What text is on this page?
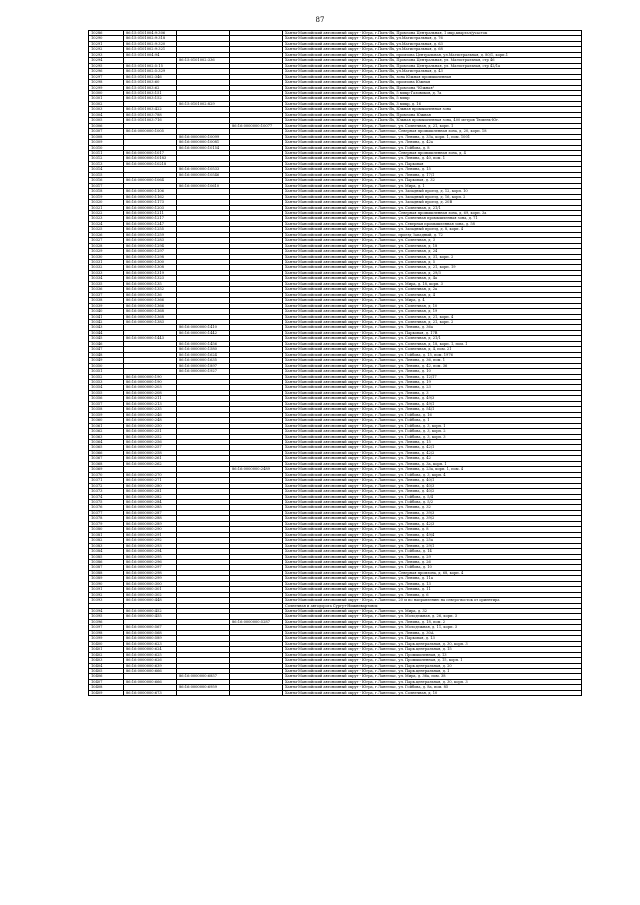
87
10286	86:15:0101004:9:306			Ханты-Мансийский автономный округ - Югра, г.Пыть-Ях, Промзона Центральная, 1 мкр,квартал/участок
10290	86:15:0101002:9:318			Ханты-Мансийский автономный округ - Югра, г.Пыть-Ях, ул.Магистральная, д. 76
10291	86:15:0101002:9:320			Ханты-Мансийский автономный округ - Югра, г.Пыть-Ях, ул.Магистральная, д. 63
10292	86:15:0101002:9:321			Ханты-Мансийский автономный округ - Югра, г.Пыть-Ях, ул.Магистральная, д. 68
10293	86:15:0101004:94			Ханты-Мансийский автономный округ - Югра, г.Пыть-Ях, промзона Центральная, ул.Магистральная, д. 80/1, корп.1
10294		86:15:0101002:336		Ханты-Мансийский автономный округ - Югра, г.Пыть-Ях, Промзона Центральная, ул. Магистральная, стр 46
10295	86:15:0101002:5:15			Ханты-Мансийский автономный округ - Югра, г.Пыть-Ях, Промзона Центральная, ул. Магистральная, стр 42/1а
10296	86:15:0101002:5:329			Ханты-Мансийский автономный округ - Югра, г.Пыть-Ях, ул.Магистральная, д. 43
10297	86:15:0101002:346			Ханты-Мансийский автономный округ - Югра, г.Пыть-Ях, зона Южная промышленная
10298	86:15:0101003:60			Ханты-Мансийский автономный округ - Югра, г.Пыть-Ях, промзона Южная
10299	86:15:0101003:62			Ханты-Мансийский автономный округ - Югра, г.Пыть-Ях, Промзона "Южная"
10300	86:15:0101003:151			Ханты-Мансийский автономный округ - Югра, г.Пыть-Ях, 5 микр-Газовиков, д. 7а
10301	86:15:0101003:152			Ханты-Мансийский автономный округ - Югра, г.Пыть-Ях, 5 микр
10302		86:15:0101002:829		Ханты-Мансийский автономный округ - Югра, г.Пыть-Ях, 3 микр, д. 16
10303	86:15:0101003:422			Ханты-Мансийский автономный округ - Югра, г.Пыть-Ях, Южная промышленная зона
10304	86:15:0101003:788			Ханты-Мансийский автономный округ - Югра, г.Пыть-Ях, Промзона Южная
10305	86:15:0101003:716			Ханты-Мансийский автономный округ - Югра, г.Пыть-Ях, Южная промышленная зона, 400 метров Тюмень-Юг.
10306			86:16:0000000:10077	Ханты-Мансийский автономный округ - Югра, г.Лангепас, ул. Солнечная, д. 21, корп. 1
10307	86:16:0000000:1005			Ханты-Мансийский автономный округ - Югра, г.Лангепас, Северная промышленная зона, д. 20, корп. 18
10308		86:16:0000000:10099		Ханты-Мансийский автономный округ - Югра, г.Лангепас, ул. Ленина, д. 33а, корп. 1, пом. 1001
10309		86:16:0000000:10081		Ханты-Мансийский автономный округ - Югра, г.Лангепас, ул. Ленина, д. 42а
10310		86:16:0000000:10154		Ханты-Мансийский автономный округ - Югра, г.Лангепас, ул. Гойбова, д. 8
10311	86:16:0000000:1017			Ханты-Мансийский автономный округ - Югра, г.Лангепас, Северная промышленная зона, д. 4
10312	86:16:0000000:10183			Ханты-Мансийский автономный округ - Югра, г.Лангепас, ул. Ленина, д. 40, пом. 1
10313	86:16:0000000:10218			Ханты-Мансийский автономный округ - Югра, г.Лангепас, ул. Парковая
10314		86:16:0000000:10533		Ханты-Мансийский автономный округ - Югра, г.Лангепас, ул. Ленина, д. 15
10315		86:16:0000000:10546		Ханты-Мансийский автономный округ - Югра, г.Лангепас, ул. Ленина, д. 17/1
10316	86:16:0000000:1064			Ханты-Мансийский автономный округ - Югра, г.Лангепас, ул. Парковая, д. 32
10317		86:16:0000000:10610		Ханты-Мансийский автономный округ - Югра, г.Лангепас, ул. Мира, д. 1
10318	86:16:0000000:1106			Ханты-Мансийский автономный округ - Югра, г.Лангепас, ул. Западный проезд, д. 12, корп. 10
10319	86:16:0000000:1162			Ханты-Мансийский автономный округ - Югра, г.Лангепас, ул. Западный проезд, д. 16, корп. 2
10320	86:16:0000000:1173			Ханты-Мансийский автономный округ - Югра, г.Лангепас, ул. Западный проезд, д. 20В
10321	86:16:0000000:1203			Ханты-Мансийский автономный округ - Югра, г.Лангепас, ул. Солнечная, д. 21/1
10322	86:16:0000000:1211			Ханты-Мансийский автономный округ - Югра, г.Лангепас, Северная промышленная зона, д. 69, корп. 3а
10323	86:16:0000000:1217			Ханты-Мансийский автономный округ - Югра, г.Лангепас, ул. Солнечная промышленная зона, д. 71
10324	86:16:0000000:1247			Ханты-Мансийский автономный округ - Югра, г.Лангепас, ул. Северная промышленная зона, д. 58
10325	86:16:0000000:1255			Ханты-Мансийский автономный округ - Югра, г.Лангепас, ул. Западный проезд, д. 8, корп. 4
10326	86:16:0000000:1259			Ханты-Мансийский автономный округ - Югра, г.Лангепас, проезд Западный, д. 72
10327	86:16:0000000:1283			Ханты-Мансийский автономный округ - Югра, г.Лангепас, ул. Солнечная, д. 3
10328	86:16:0000000:1294			Ханты-Мансийский автономный округ - Югра, г.Лангепас, ул. Солнечная, д. 18
10329	86:16:0000000:1297			Ханты-Мансийский автономный округ - Югра, г.Лангепас, ул. Солнечная, д. 24
10330	86:16:0000000:1298			Ханты-Мансийский автономный округ - Югра, г.Лангепас, ул. Солнечная, д. 31, корп. 2
10331	86:16:0000000:1300			Ханты-Мансийский автономный округ - Югра, г.Лангепас, ул. Солнечная, д. 5
10332	86:16:0000000:1308			Ханты-Мансийский автономный округ - Югра, г.Лангепас, ул. Солнечная, д. 21, корп. 19
10333	86:16:0000000:1319			Ханты-Мансийский автономный округ - Югра, г.Лангепас, ул. Солнечная, д. 29/3
10334	86:16:0000000:1323			Ханты-Мансийский автономный округ - Югра, г.Лангепас, ул. Солнечная, д. 4а
10335	86:16:0000000:135			Ханты-Мансийский автономный округ - Югра, г.Лангепас, ул. Мира, д. 18, корп. 3
10336	86:16:0000000:1352			Ханты-Мансийский автономный округ - Югра, г.Лангепас, ул. Солнечная, д. 2а
10337	86:16:0000000:136			Ханты-Мансийский автономный округ - Югра, г.Лангепас, ул. Солнечная, д. 4
10338	86:16:0000000:1366			Ханты-Мансийский автономный округ - Югра, г.Лангепас, ул. Мира, д. 4
10339	86:16:0000000:1366			Ханты-Мансийский автономный округ - Югра, г.Лангепас, ул. Солнечная, д. 10
10340	86:16:0000000:1368			Ханты-Мансийский автономный округ - Югра, г.Лангепас, ул. Солнечная, д. 19
10341	86:16:0000000:1368			Ханты-Мансийский автономный округ - Югра, г.Лангепас, ул. Солнечная, д. 21, корп. 4
10342	86:16:0000000:1383			Ханты-Мансийский автономный округ - Югра, г.Лангепас, ул. Солнечная, д. 21, корп. 2
10343		86:16:0000000:1410		Ханты-Мансийский автономный округ - Югра, г.Лангепас, ул. Ленина, д. 36а
10344		86:16:0000000:1442		Ханты-Мансийский автономный округ - Югра, г.Лангепас, ул. Парковая, д. 17В
10345	86:16:0000000:1443			Ханты-Мансийский автономный округ - Югра, г.Лангепас, ул. Солнечная, д. 21/1
10346		86:16:0000000:1456		Ханты-Мансийский автономный округ - Югра, г.Лангепас, ул. Солнечная, д. 18, корп. 1, пом. 1
10347		86:16:0000000:1580		Ханты-Мансийский автономный округ - Югра, г.Лангепас, ул. Солнечная, д. 4, пом. 21
10348		86:16:0000000:1624		Ханты-Мансийский автономный округ - Югра, г.Лангепас, ул. Гойбова, д. 15, пом. 1976
10349		86:16:0000000:1635		Ханты-Мансийский автономный округ - Югра, г.Лангепас, ул. Ленина, д. 36, пом. 1
10350		86:16:0000000:1897		Ханты-Мансийский автономный округ - Югра, г.Лангепас, ул. Ленина, д. 42, пом. 36
10351		86:16:0000000:1927		Ханты-Мансийский автономный округ - Югра, г.Лангепас, ул. Ленина, д. 10
10352	86:16:0000000:190			Ханты-Мансийский автономный округ - Югра, г.Лангепас, ул. Ленина, д. 12/17
10353	86:16:0000000:190			Ханты-Мансийский автономный округ - Югра, г.Лангепас, ул. Ленина, д. 19
10354	86:16:0000000:203			Ханты-Мансийский автономный округ - Югра, г.Лангепас, ул. Ленина, д. 23
10355	86:16:0000000:208			Ханты-Мансийский автономный округ - Югра, г.Лангепас, ул. Ленина, д. 3
10356	86:16:0000000:211			Ханты-Мансийский автономный округ - Югра, г.Лангепас, ул. Ленина, д. 49/3
10357	86:16:0000000:213			Ханты-Мансийский автономный округ - Югра, г.Лангепас, ул. Ленина, д. 49/1
10358	86:16:0000000:235			Ханты-Мансийский автономный округ - Югра, г.Лангепас, ул. Ленина, д. 54/1
10359	86:16:0000000:246			Ханты-Мансийский автономный округ - Югра, г.Лангепас, ул. Гойбова, д. 16
10360	86:16:0000000:248			Ханты-Мансийский автономный округ - Югра, г.Лангепас, ул. Гойбова, д. 1
10361	86:16:0000000:250			Ханты-Мансийский автономный округ - Югра, г.Лангепас, ул. Гойбова, д. 3, корп. 1
10362	86:16:0000000:251			Ханты-Мансийский автономный округ - Югра, г.Лангепас, ул. Гойбова, д. 3, корп. 2
10363	86:16:0000000:252			Ханты-Мансийский автономный округ - Югра, г.Лангепас, ул. Гойбова, д. 3, корп. 3
10364	86:16:0000000:256			Ханты-Мансийский автономный округ - Югра, г.Лангепас, ул. Ленина, д. 15
10365	86:16:0000000:257			Ханты-Мансийский автономный округ - Югра, г.Лангепас, ул. Ленина, д. 42/1
10366	86:16:0000000:258			Ханты-Мансийский автономный округ - Югра, г.Лангепас, ул. Ленина, д. 42/2
10367	86:16:0000000:261			Ханты-Мансийский автономный округ - Югра, г.Лангепас, ул. Ленина, д. 42
10368	86:16:0000000:262			Ханты-Мансийский автономный округ - Югра, г.Лангепас, ул. Ленина, д. 3а, корп. 1
10369			86:16:0000000:2489	Ханты-Мансийский автономный округ - Югра, г.Лангепас, ул. Ленина, д. 23а, корп. 1, пом. 4
10370	86:16:0000000:270			Ханты-Мансийский автономный округ - Югра, г.Лангепас, ул. Гойбова, д. 3, корп. 4
10371	86:16:0000000:271			Ханты-Мансийский автономный округ - Югра, г.Лангепас, ул. Ленина, д. 40/1
10372	86:16:0000000:280			Ханты-Мансийский автономный округ - Югра, г.Лангепас, ул. Ленина, д. 40/3
10373	86:16:0000000:281			Ханты-Мансийский автономный округ - Югра, г.Лангепас, ул. Ленина, д. 40/2
10374	86:16:0000000:282			Ханты-Мансийский автономный округ - Югра, г.Лангепас, ул. Гойбова, д. 5/4
10375	86:16:0000000:284			Ханты-Мансийский автономный округ - Югра, г.Лангепас, ул. Гойбова, д. 5/2
10376	86:16:0000000:285			Ханты-Мансийский автономный округ - Югра, г.Лангепас, ул. Ленина, д. 32
10377	86:16:0000000:287			Ханты-Мансийский автономный округ - Югра, г.Лангепас, ул. Ленина, д. 39/3
10378	86:16:0000000:288			Ханты-Мансийский автономный округ - Югра, г.Лангепас, ул. Ленина, д. 39/2
10379	86:16:0000000:289			Ханты-Мансийский автономный округ - Югра, г.Лангепас, ул. Ленина, д. 42/3
10380	86:16:0000000:290			Ханты-Мансийский автономный округ - Югра, г.Лангепас, ул. Ленина, д. 8
10381	86:16:0000000:291			Ханты-Мансийский автономный округ - Югра, г.Лангепас, ул. Ленина, д. 49/4
10382	86:16:0000000:292			Ханты-Мансийский автономный округ - Югра, г.Лангепас, ул. Ленина, д. 25а
10383	86:16:0000000:293			Ханты-Мансийский автономный округ - Югра, г.Лангепас, ул. Ленина, д. 29/1
10384	86:16:0000000:294			Ханты-Мансийский автономный округ - Югра, г.Лангепас, ул. Гойбова, д. 14
10385	86:16:0000000:295			Ханты-Мансийский автономный округ - Югра, г.Лангепас, ул. Ленина, д. 29
10386	86:16:0000000:296			Ханты-Мансийский автономный округ - Югра, г.Лангепас, ул. Ленина, д. 26
10387	86:16:0000000:297			Ханты-Мансийский автономный округ - Югра, г.Лангепас, ул. Гойбова, д. 10
10388	86:16:0000000:298			Ханты-Мансийский автономный округ - Югра, г.Лангепас, Северная промзона, д. 68, корп. 4
10389	86:16:0000000:299			Ханты-Мансийский автономный округ - Югра, г.Лангепас, ул. Ленина, д. 11а
10390	86:16:0000000:300			Ханты-Мансийский автономный округ - Югра, г.Лангепас, ул. Ленина, д. 13
10391	86:16:0000000:301			Ханты-Мансийский автономный округ - Югра, г.Лангепас, ул. Ленина, д. 11
10392	86:16:0000000:302			Ханты-Мансийский автономный округ - Югра, г.Лангепас, ул. Ленина, д. 6
10393	86:16:0000000:448			Ханты-Мансийский автономный округ - Югра, г.Лангепас, 20 м по направлению на северо-восток от ориентира
				Солнечная и автодорога Сургут-Нижневартовск
10394	86:16:0000000:452			Ханты-Мансийский автономный округ - Югра, г.Лангепас, ул. Мира, д. 32
10395	86:16:0000000:455			Ханты-Мансийский автономный округ - Югра, г.Лангепас, ул. Молодежная, д. 26, корп. 3
10396			86:16:0000000:5287	Ханты-Мансийский автономный округ - Югра, г.Лангепас, ул. Ленина, д. 18, пом. 2
10397	86:16:0000000:567			Ханты-Мансийский автономный округ - Югра, г.Лангепас, ул. Молодежная, д. 11, корп. 3
10398	86:16:0000000:568			Ханты-Мансийский автономный округ - Югра, г.Лангепас, ул. Ленина, д. 30А
10399	86:16:0000000:589			Ханты-Мансийский автономный округ - Югра, г.Лангепас, ул. Парковая, д. 13
10400	86:16:0000000:623			Ханты-Мансийский автономный округ - Югра, г.Лангепас, ул. Парк.центральная, д. 30, корп. 3
10401	86:16:0000000:624			Ханты-Мансийский автономный округ - Югра, г.Лангепас, ул. Парк.центральная, д. 15
10402	86:16:0000000:625			Ханты-Мансийский автономный округ - Югра, г.Лангепас, ул. Промышленная, д. 13
10403	86:16:0000000:626			Ханты-Мансийский автономный округ - Югра, г.Лангепас, ул. Промышленная, д. 15, корп. 1
10404	86:16:0000000:639			Ханты-Мансийский автономный округ - Югра, г.Лангепас, ул. Парк.центральная, д. 20
10405	86:16:0000000:666			Ханты-Мансийский автономный округ - Югра, г.Лангепас, ул. Парк.центральная, д. 1
10406		86:16:0000000:6857		Ханты-Мансийский автономный округ - Югра, г.Лангепас, ул. Мира, д. 36а, пом. 38
10407	86:16:0000000:666			Ханты-Мансийский автономный округ - Югра, г.Лангепас, ул. Парк.центральная, д. 30, корп. 3
10408		86:16:0000000:6959		Ханты-Мансийский автономный округ - Югра, г.Лангепас, ул. Гойбова, д. 8а, пом. 85
10409	86:16:0000000:673			Ханты-Мансийский автономный округ - Югра, г.Лангепас, ул. Солнечная, д. 10
